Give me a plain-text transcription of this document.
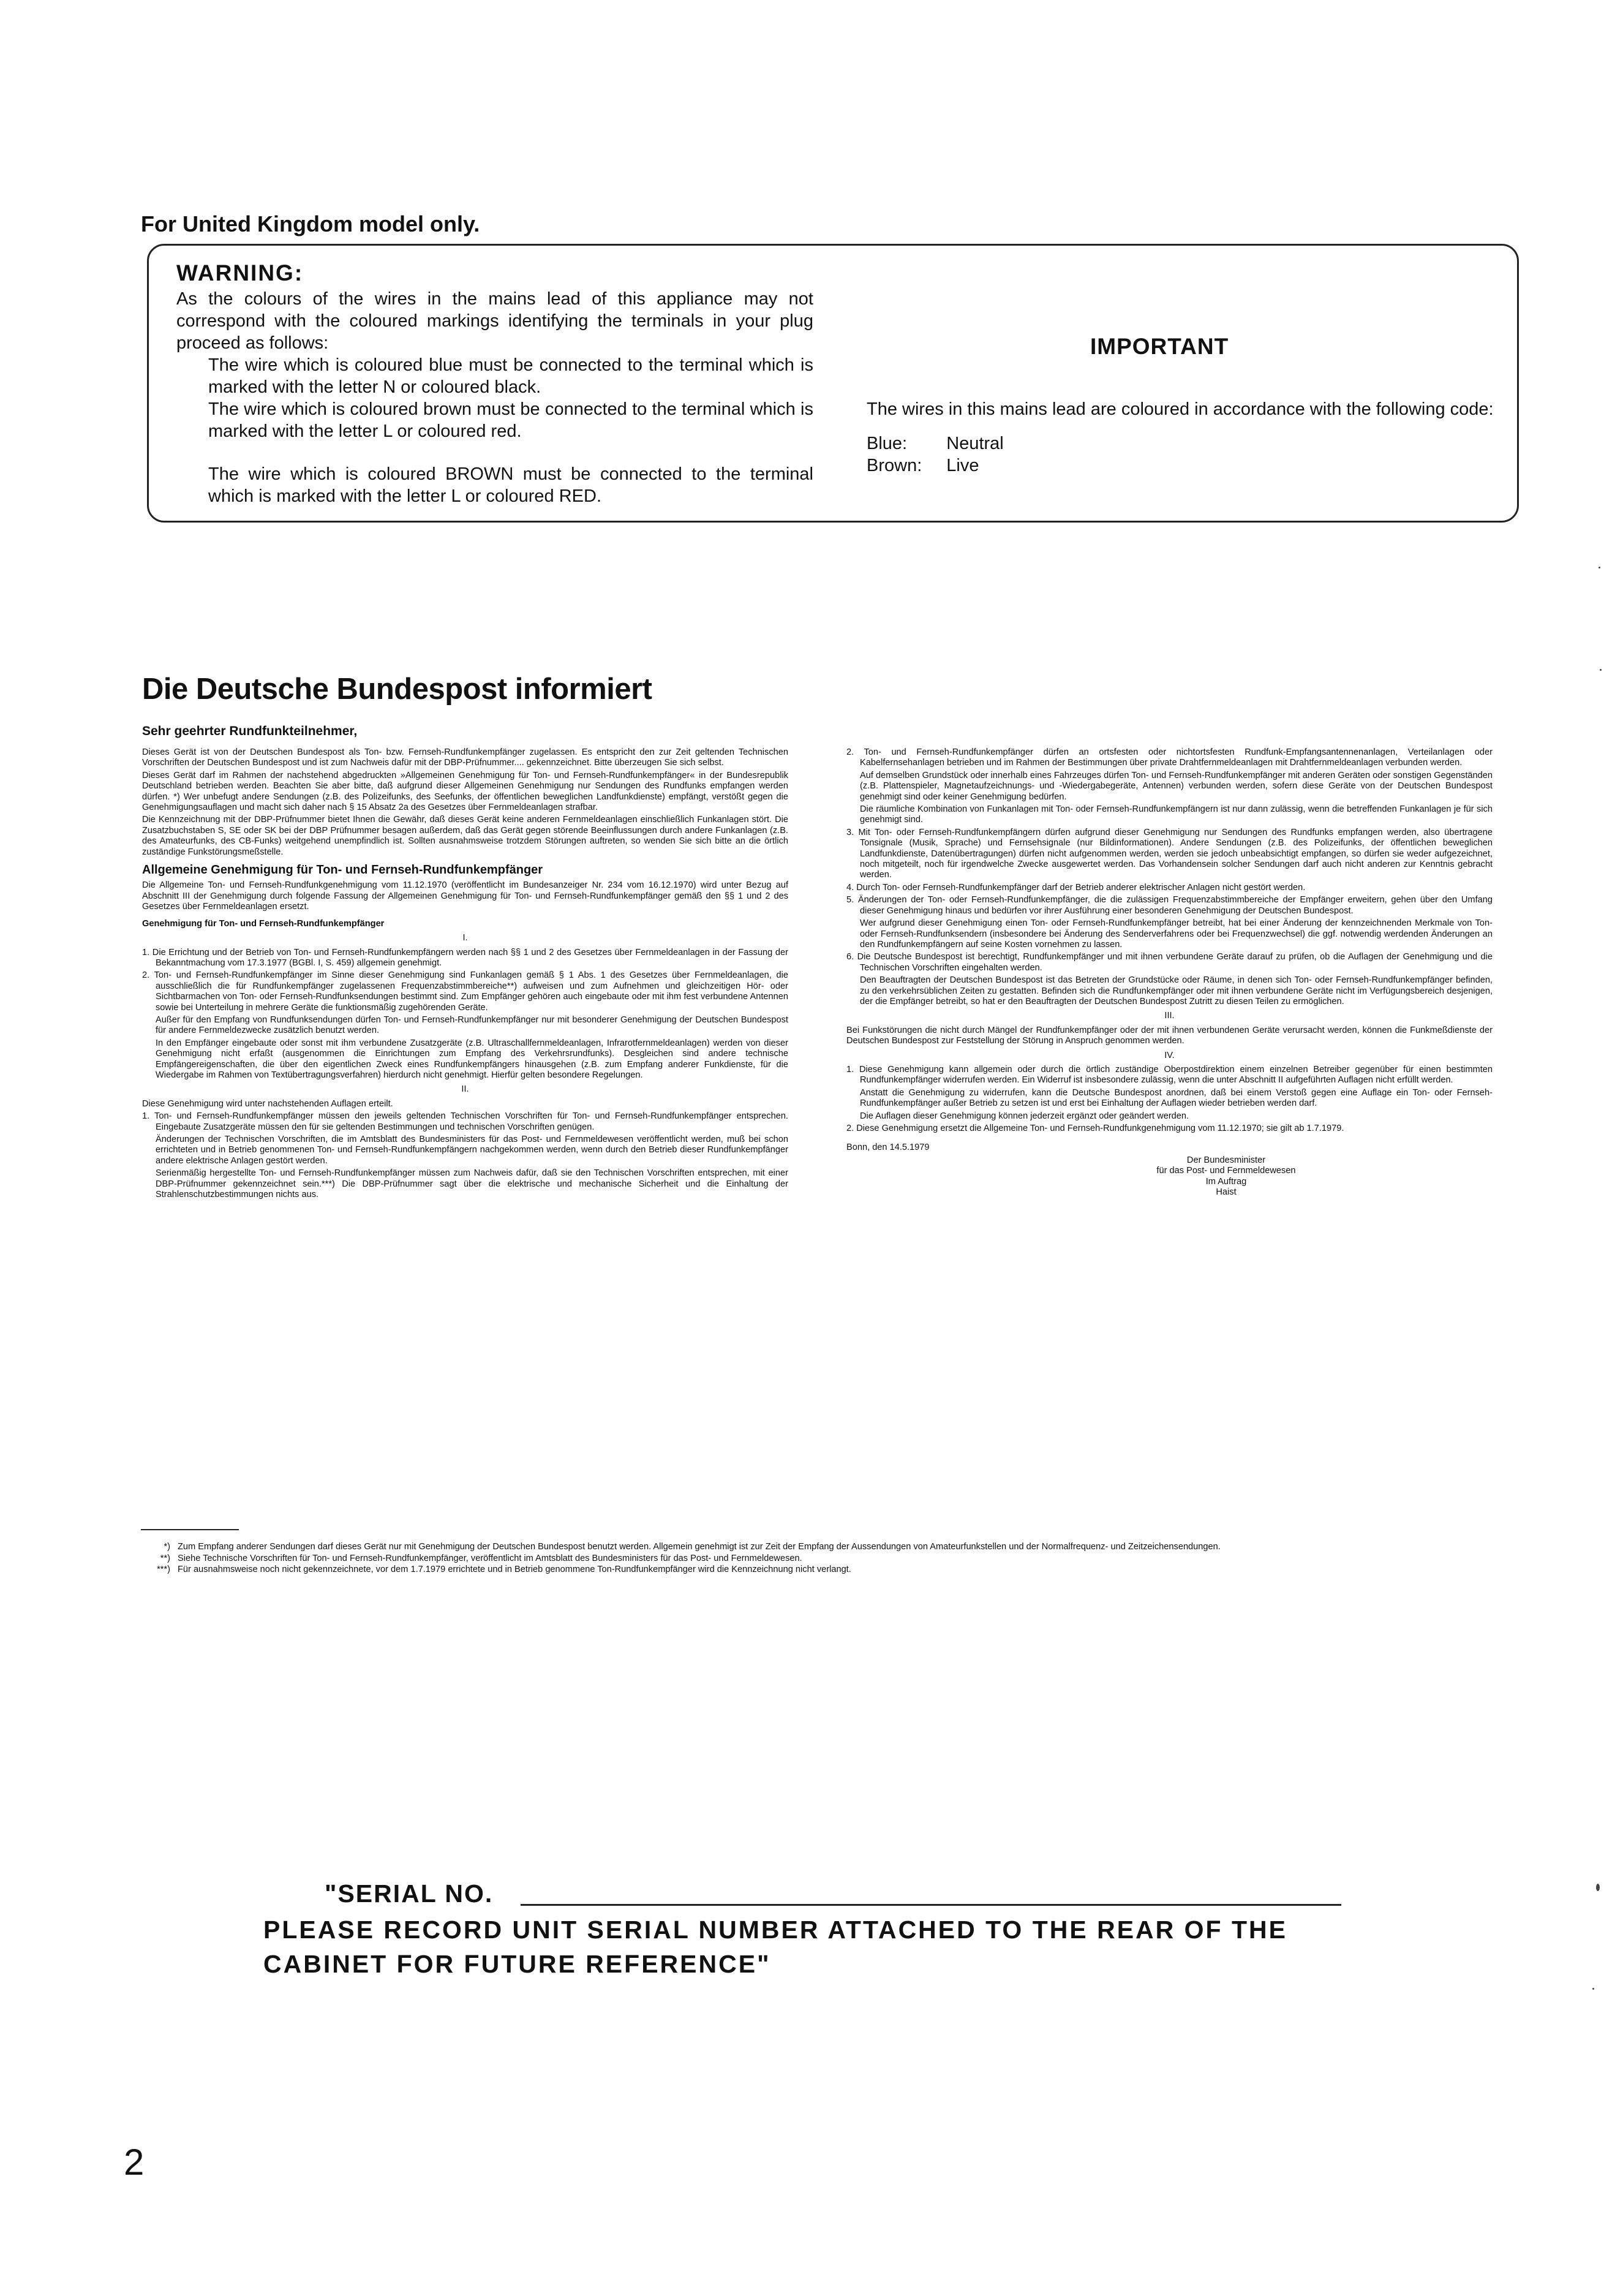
For United Kingdom model only.
WARNING:
As the colours of the wires in the mains lead of this appliance may not correspond with the coloured markings identifying the terminals in your plug proceed as follows:
The wire which is coloured blue must be connected to the terminal which is marked with the letter N or coloured black.
The wire which is coloured brown must be connected to the terminal which is marked with the letter L or coloured red.
The wire which is coloured BROWN must be connected to the terminal which is marked with the letter L or coloured RED.
IMPORTANT
The wires in this mains lead are coloured in accordance with the following code:
Blue:	Neutral
Brown:	Live
Die Deutsche Bundespost informiert
Sehr geehrter Rundfunkteilnehmer,

Dieses Gerät ist von der Deutschen Bundespost als Ton- bzw. Fernseh-Rundfunkempfänger zugelassen. Es entspricht den zur Zeit geltenden Technischen Vorschriften der Deutschen Bundespost und ist zum Nachweis dafür mit der DBP-Prüfnummer.... gekennzeichnet. Bitte überzeugen Sie sich selbst.

Dieses Gerät darf im Rahmen der nachstehend abgedruckten »Allgemeinen Genehmigung für Ton- und Fernseh-Rundfunkempfänger« in der Bundesrepublik Deutschland betrieben werden. Beachten Sie aber bitte, daß aufgrund dieser Allgemeinen Genehmigung nur Sendungen des Rundfunks empfangen werden dürfen. *) Wer unbefugt andere Sendungen (z.B. des Polizeifunks, des Seefunks, der öffentlichen beweglichen Landfunkdienste) empfängt, verstößt gegen die Genehmigungsauflagen und macht sich daher nach § 15 Absatz 2a des Gesetzes über Fernmeldeanlagen strafbar.

Die Kennzeichnung mit der DBP-Prüfnummer bietet Ihnen die Gewähr, daß dieses Gerät keine anderen Fernmeldeanlagen einschließlich Funkanlagen stört. Die Zusatzbuchstaben S, SE oder SK bei der DBP Prüfnummer besagen außerdem, daß das Gerät gegen störende Beeinflussungen durch andere Funkanlagen (z.B. des Amateurfunks, des CB-Funks) weitgehend unempfindlich ist. Sollten ausnahmsweise trotzdem Störungen auftreten, so wenden Sie sich bitte an die örtlich zuständige Funkstörungsmeßstelle.

Allgemeine Genehmigung für Ton- und Fernseh-Rundfunkempfänger

Die Allgemeine Ton- und Fernseh-Rundfunkgenehmigung vom 11.12.1970 (veröffentlicht im Bundesanzeiger Nr. 234 vom 16.12.1970) wird unter Bezug auf Abschnitt III der Genehmigung durch folgende Fassung der Allgemeinen Genehmigung für Ton- und Fernseh-Rundfunkempfänger gemäß den §§ 1 und 2 des Gesetzes über Fernmeldeanlagen ersetzt.

Genehmigung für Ton- und Fernseh-Rundfunkempfänger
I.

1. Die Errichtung und der Betrieb von Ton- und Fernseh-Rundfunkempfängern werden nach §§ 1 und 2 des Gesetzes über Fernmeldeanlagen in der Fassung der Bekanntmachung vom 17.3.1977 (BGBl. I, S. 459) allgemein genehmigt.

2. Ton- und Fernseh-Rundfunkempfänger im Sinne dieser Genehmigung sind Funkanlagen gemäß § 1 Abs. 1 des Gesetzes über Fernmeldeanlagen, die ausschließlich die für Rundfunkempfänger zugelassenen Frequenzabstimmbereiche**) aufweisen und zum Aufnehmen und gleichzeitigen Hör- oder Sichtbarmachen von Ton- oder Fernseh-Rundfunksendungen bestimmt sind. Zum Empfänger gehören auch eingebaute oder mit ihm fest verbundene Antennen sowie bei Unterteilung in mehrere Geräte die funktionsmäßig zugehörenden Geräte.

Außer für den Empfang von Rundfunksendungen dürfen Ton- und Fernseh-Rundfunkempfänger nur mit besonderer Genehmigung der Deutschen Bundespost für andere Fernmeldezwecke zusätzlich benutzt werden.

In den Empfänger eingebaute oder sonst mit ihm verbundene Zusatzgeräte (z.B. Ultraschallfernmeldeanlagen, Infrarotfernmeldeanlagen) werden von dieser Genehmigung nicht erfaßt (ausgenommen die Einrichtungen zum Empfang des Verkehrsrundfunks). Desgleichen sind andere technische Empfängereigenschaften, die über den eigentlichen Zweck eines Rundfunkempfängers hinausgehen (z.B. zum Empfang anderer Funkdienste, für die Wiedergabe im Rahmen von Textübertragungsverfahren) hierdurch nicht genehmigt. Hierfür gelten besondere Regelungen.

II.

Diese Genehmigung wird unter nachstehenden Auflagen erteilt.

1. Ton- und Fernseh-Rundfunkempfänger müssen den jeweils geltenden Technischen Vorschriften für Ton- und Fernseh-Rundfunkempfänger entsprechen. Eingebaute Zusatzgeräte müssen den für sie geltenden Bestimmungen und technischen Vorschriften genügen.

Änderungen der Technischen Vorschriften, die im Amtsblatt des Bundesministers für das Post- und Fernmeldewesen veröffentlicht werden, muß bei schon errichteten und in Betrieb genommenen Ton- und Fernseh-Rundfunkempfängern nachgekommen werden, wenn durch den Betrieb dieser Rundfunkempfänger andere elektrische Anlagen gestört werden.

Serienmäßig hergestellte Ton- und Fernseh-Rundfunkempfänger müssen zum Nachweis dafür, daß sie den Technischen Vorschriften entsprechen, mit einer DBP-Prüfnummer gekennzeichnet sein.***) Die DBP-Prüfnummer sagt über die elektrische und mechanische Sicherheit und die Einhaltung der Strahlenschutzbestimmungen nichts aus.

2. Ton- und Fernseh-Rundfunkempfänger dürfen an ortsfesten oder nichtortsfesten Rundfunk-Empfangsantennenanlagen, Verteilanlagen oder Kabelfernsehanlagen betrieben und im Rahmen der Bestimmungen über private Drahtfernmeldeanlagen mit Drahtfernmeldeanlagen verbunden werden.

Auf demselben Grundstück oder innerhalb eines Fahrzeuges dürfen Ton- und Fernseh-Rundfunkempfänger mit anderen Geräten oder sonstigen Gegenständen (z.B. Plattenspieler, Magnetaufzeichnungs- und -Wiedergabegeräte, Antennen) verbunden werden, sofern diese Geräte von der Deutschen Bundespost genehmigt sind oder keiner Genehmigung bedürfen.

Die räumliche Kombination von Funkanlagen mit Ton- oder Fernseh-Rundfunkempfängern ist nur dann zulässig, wenn die betreffenden Funkanlagen je für sich genehmigt sind.

3. Mit Ton- oder Fernseh-Rundfunkempfängern dürfen aufgrund dieser Genehmigung nur Sendungen des Rundfunks empfangen werden, also übertragene Tonsignale (Musik, Sprache) und Fernsehsignale (nur Bildinformationen). Andere Sendungen (z.B. des Polizeifunks, der öffentlichen beweglichen Landfunkdienste, Datenübertragungen) dürfen nicht aufgenommen werden, werden sie jedoch unbeabsichtigt empfangen, so dürfen sie weder aufgezeichnet, noch mitgeteilt, noch für irgendwelche Zwecke ausgewertet werden. Das Vorhandensein solcher Sendungen darf auch nicht anderen zur Kenntnis gebracht werden.

4. Durch Ton- oder Fernseh-Rundfunkempfänger darf der Betrieb anderer elektrischer Anlagen nicht gestört werden.

5. Änderungen der Ton- oder Fernseh-Rundfunkempfänger, die die zulässigen Frequenzabstimmbereiche der Empfänger erweitern, gehen über den Umfang dieser Genehmigung hinaus und bedürfen vor ihrer Ausführung einer besonderen Genehmigung der Deutschen Bundespost.

Wer aufgrund dieser Genehmigung einen Ton- oder Fernseh-Rundfunkempfänger betreibt, hat bei einer Änderung der kennzeichnenden Merkmale von Ton- oder Fernseh-Rundfunksendern (insbesondere bei Änderung des Senderverfahrens oder bei Frequenzwechsel) die ggf. notwendig werdenden Änderungen an den Rundfunkempfängern auf seine Kosten vornehmen zu lassen.

6. Die Deutsche Bundespost ist berechtigt, Rundfunkempfänger und mit ihnen verbundene Geräte darauf zu prüfen, ob die Auflagen der Genehmigung und die Technischen Vorschriften eingehalten werden.

Den Beauftragten der Deutschen Bundespost ist das Betreten der Grundstücke oder Räume, in denen sich Ton- oder Fernseh-Rundfunkempfänger befinden, zu den verkehrsüblichen Zeiten zu gestatten. Befinden sich die Rundfunkempfänger oder mit ihnen verbundene Geräte nicht im Verfügungsbereich desjenigen, der die Empfänger betreibt, so hat er den Beauftragten der Deutschen Bundespost Zutritt zu diesen Teilen zu ermöglichen.

III.

Bei Funkstörungen die nicht durch Mängel der Rundfunkempfänger oder der mit ihnen verbundenen Geräte verursacht werden, können die Funkmeßdienste der Deutschen Bundespost zur Feststellung der Störung in Anspruch genommen werden.

IV.

1. Diese Genehmigung kann allgemein oder durch die örtlich zuständige Oberpostdirektion einem einzelnen Betreiber gegenüber für einen bestimmten Rundfunkempfänger widerrufen werden. Ein Widerruf ist insbesondere zulässig, wenn die unter Abschnitt II aufgeführten Auflagen nicht erfüllt werden.

Anstatt die Genehmigung zu widerrufen, kann die Deutsche Bundespost anordnen, daß bei einem Verstoß gegen eine Auflage ein Ton- oder Fernseh-Rundfunkempfänger außer Betrieb zu setzen ist und erst bei Einhaltung der Auflagen wieder betrieben werden darf.

Die Auflagen dieser Genehmigung können jederzeit ergänzt oder geändert werden.

2. Diese Genehmigung ersetzt die Allgemeine Ton- und Fernseh-Rundfunkgenehmigung vom 11.12.1970; sie gilt ab 1.7.1979.

Bonn, den 14.5.1979

Der Bundesminister
für das Post- und Fernmeldewesen
Im Auftrag
Haist
*) Zum Empfang anderer Sendungen darf dieses Gerät nur mit Genehmigung der Deutschen Bundespost benutzt werden. Allgemein genehmigt ist zur Zeit der Empfang der Aussendungen von Amateurfunkstellen und der Normalfrequenz- und Zeitzeichensendungen.
**) Siehe Technische Vorschriften für Ton- und Fernseh-Rundfunkempfänger, veröffentlicht im Amtsblatt des Bundesministers für das Post- und Fernmeldewesen.
***) Für ausnahmsweise noch nicht gekennzeichnete, vor dem 1.7.1979 errichtete und in Betrieb genommene Ton-Rundfunkempfänger wird die Kennzeichnung nicht verlangt.
"SERIAL NO.
PLEASE RECORD UNIT SERIAL NUMBER ATTACHED TO THE REAR OF THE
CABINET FOR FUTURE REFERENCE"
2
